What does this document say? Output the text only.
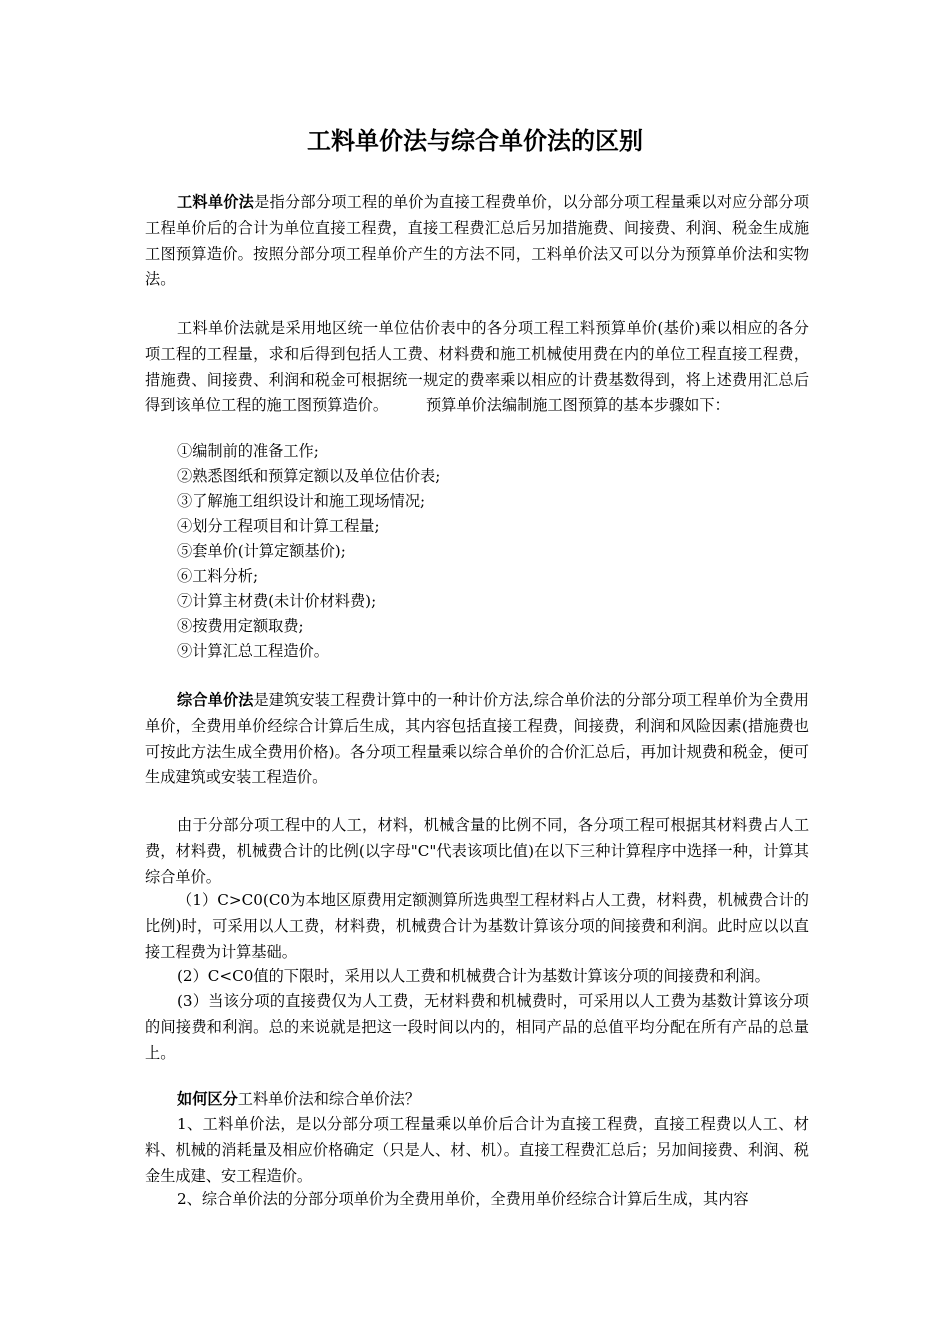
工料单价法与综合单价法的区别
工料单价法是指分部分项工程的单价为直接工程费单价，以分部分项工程量乘以对应分部分项工程单价后的合计为单位直接工程费，直接工程费汇总后另加措施费、间接费、利润、税金生成施工图预算造价。按照分部分项工程单价产生的方法不同，工料单价法又可以分为预算单价法和实物法。
工料单价法就是采用地区统一单位估价表中的各分项工程工料预算单价(基价)乘以相应的各分项工程的工程量，求和后得到包括人工费、材料费和施工机械使用费在内的单位工程直接工程费，措施费、间接费、利润和税金可根据统一规定的费率乘以相应的计费基数得到，将上述费用汇总后得到该单位工程的施工图预算造价。　　　预算单价法编制施工图预算的基本步骤如下：
①编制前的准备工作;
②熟悉图纸和预算定额以及单位估价表;
③了解施工组织设计和施工现场情况;
④划分工程项目和计算工程量;
⑤套单价(计算定额基价);
⑥工料分析;
⑦计算主材费(未计价材料费);
⑧按费用定额取费;
⑨计算汇总工程造价。
综合单价法是建筑安装工程费计算中的一种计价方法,综合单价法的分部分项工程单价为全费用单价，全费用单价经综合计算后生成，其内容包括直接工程费，间接费，利润和风险因素(措施费也可按此方法生成全费用价格)。各分项工程量乘以综合单价的合价汇总后，再加计规费和税金，便可生成建筑或安装工程造价。
由于分部分项工程中的人工，材料，机械含量的比例不同，各分项工程可根据其材料费占人工费，材料费，机械费合计的比例(以字母"C"代表该项比值)在以下三种计算程序中选择一种，计算其综合单价。
（1）C>C0(C0为本地区原费用定额测算所选典型工程材料占人工费，材料费，机械费合计的比例)时，可采用以人工费，材料费，机械费合计为基数计算该分项的间接费和利润。此时应以以直接工程费为计算基础。
(2）C<C0值的下限时，采用以人工费和机械费合计为基数计算该分项的间接费和利润。
(3）当该分项的直接费仅为人工费，无材料费和机械费时，可采用以人工费为基数计算该分项的间接费和利润。总的来说就是把这一段时间以内的，相同产品的总值平均分配在所有产品的总量上。
如何区分工料单价法和综合单价法？
1、工料单价法，是以分部分项工程量乘以单价后合计为直接工程费，直接工程费以人工、材料、机械的消耗量及相应价格确定（只是人、材、机）。直接工程费汇总后；另加间接费、利润、税金生成建、安工程造价。
2、综合单价法的分部分项单价为全费用单价，全费用单价经综合计算后生成，其内容
